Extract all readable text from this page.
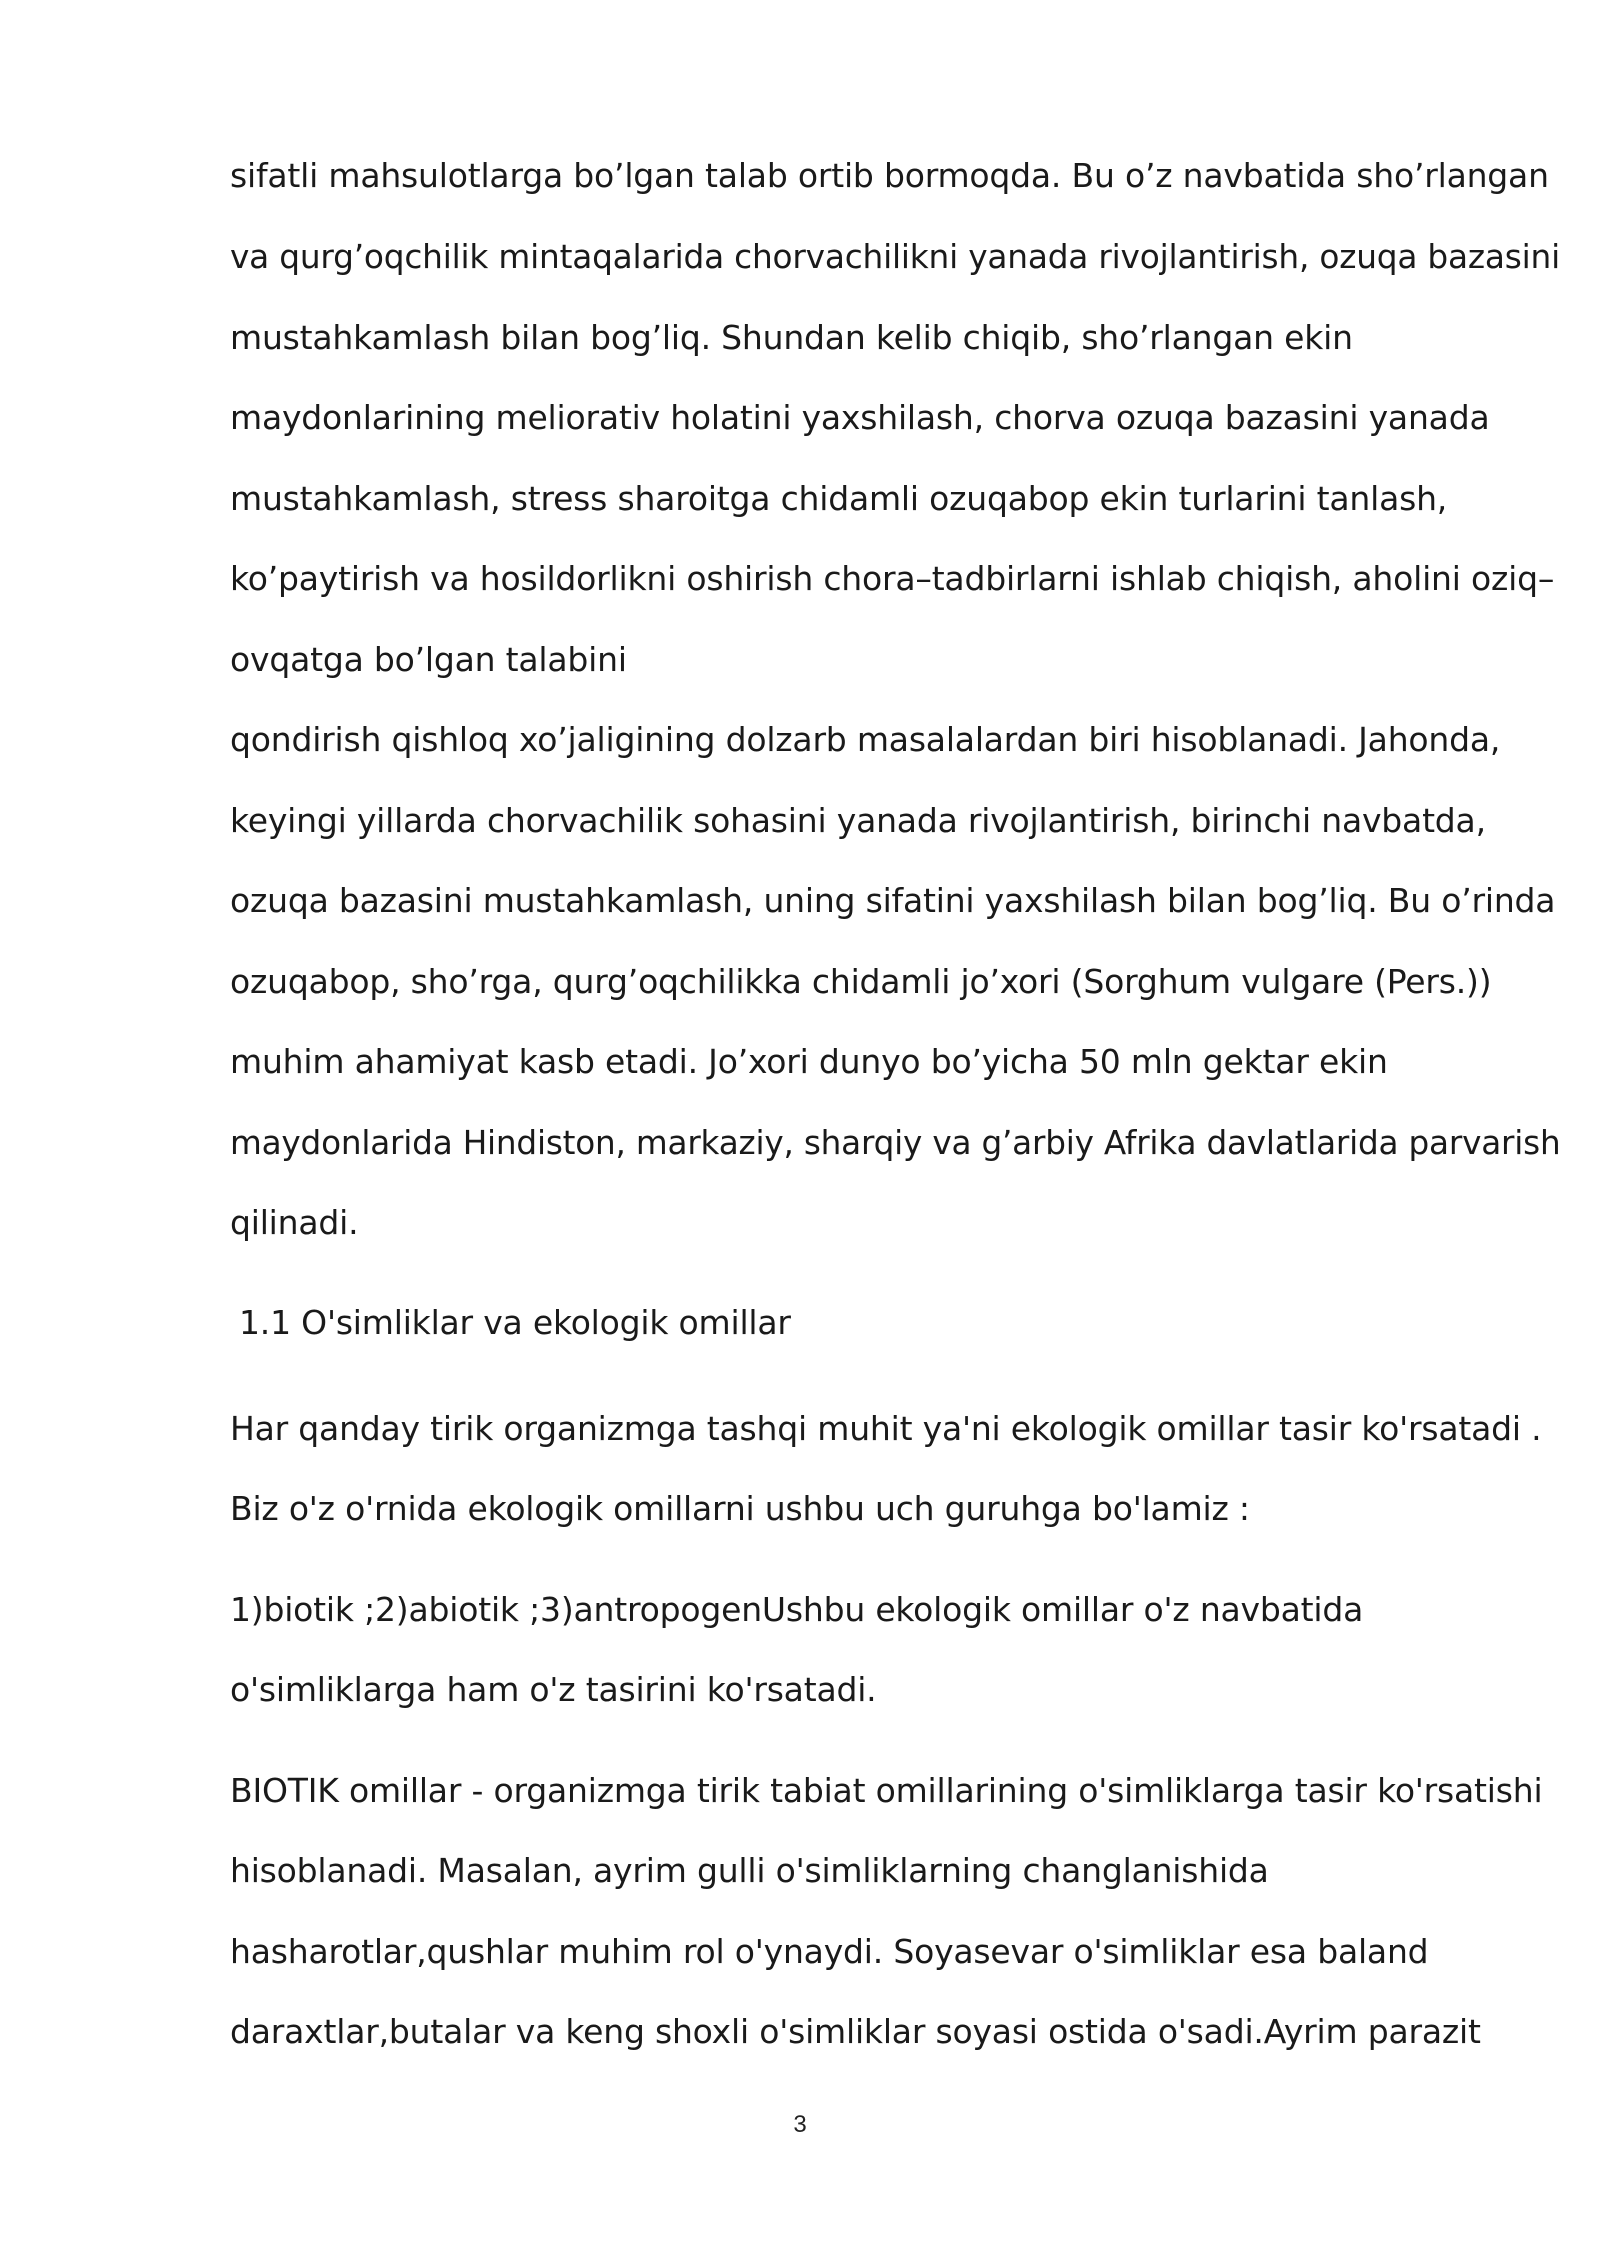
sifatli mahsulotlarga bo’lgan talab ortib bormoqda. Bu o’z navbatida sho’rlangan
va qurg’oqchilik mintaqalarida chorvachilikni yanada rivojlantirish, ozuqa bazasini
mustahkamlash bilan bog’liq. Shundan kelib chiqib, sho’rlangan ekin
maydonlarining meliorativ holatini yaxshilash, chorva ozuqa bazasini yanada
mustahkamlash, stress sharoitga chidamli ozuqabop ekin turlarini tanlash,
ko’paytirish va hosildorlikni oshirish chora–tadbirlarni ishlab chiqish, aholini oziq–
ovqatga bo’lgan talabini
qondirish qishloq xo’jaligining dolzarb masalalardan biri hisoblanadi. Jahonda,
keyingi yillarda chorvachilik sohasini yanada rivojlantirish, birinchi navbatda,
ozuqa bazasini mustahkamlash, uning sifatini yaxshilash bilan bog’liq. Bu o’rinda
ozuqabop, sho’rga, qurg’oqchilikka chidamli jo’xori (Sorghum vulgare (Pers.))
muhim ahamiyat kasb etadi. Jo’xori dunyo bo’yicha 50 mln gektar ekin
maydonlarida Hindiston, markaziy, sharqiy va g’arbiy Afrika davlatlarida parvarish
qilinadi.
1.1 O'simliklar va ekologik omillar
Har qanday tirik organizmga tashqi muhit ya'ni ekologik omillar tasir ko'rsatadi .
Biz o'z o'rnida ekologik omillarni ushbu uch guruhga bo'lamiz :
1)biotik ;2)abiotik ;3)antropogenUshbu ekologik omillar o'z navbatida
o'simliklarga ham o'z tasirini ko'rsatadi.
BIOTIK omillar - organizmga tirik tabiat omillarining o'simliklarga tasir ko'rsatishi
hisoblanadi. Masalan, ayrim gulli o'simliklarning changlanishida
hasharotlar,qushlar muhim rol o'ynaydi. Soyasevar o'simliklar esa baland
daraxtlar,butalar va keng shoxli o'simliklar soyasi ostida o'sadi.Ayrim parazit
3
